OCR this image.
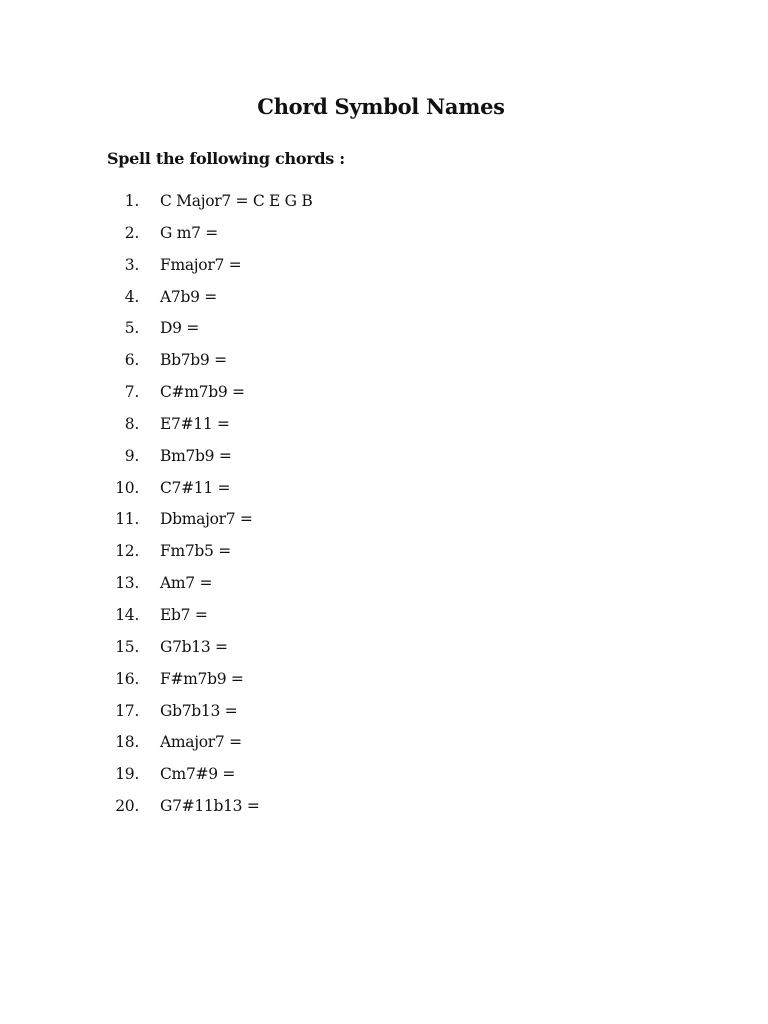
Chord Symbol Names
Spell the following chords :
1. C Major7 = C E G B
2. G m7 =
3. Fmajor7 =
4. A7b9 =
5. D9 =
6. Bb7b9 =
7. C#m7b9 =
8. E7#11 =
9. Bm7b9 =
10. C7#11 =
11. Dbmajor7 =
12. Fm7b5 =
13. Am7 =
14. Eb7 =
15. G7b13 =
16. F#m7b9 =
17. Gb7b13 =
18. Amajor7 =
19. Cm7#9 =
20. G7#11b13 =
